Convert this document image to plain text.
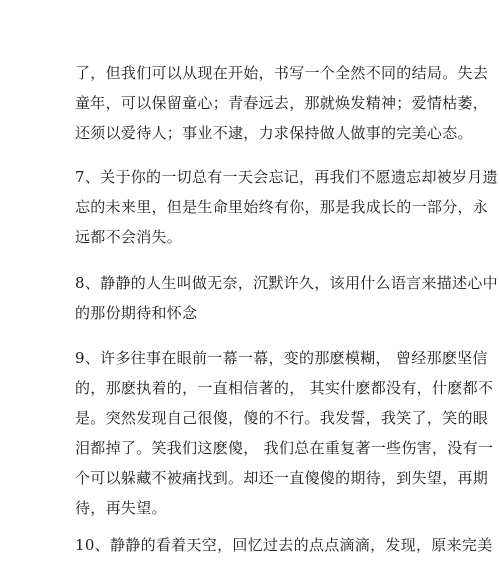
了，但我们可以从现在开始，书写一个全然不同的结局。失去
童年，可以保留童心；青春远去，那就焕发精神；爱情枯萎，
还须以爱待人；事业不逮，力求保持做人做事的完美心态。

7、关于你的一切总有一天会忘记，再我们不愿遗忘却被岁月遗
忘的未来里，但是生命里始终有你，那是我成长的一部分，永
远都不会消失。

8、静静的人生叫做无奈，沉默许久，该用什么语言来描述心中
的那份期待和怀念

9、许多往事在眼前一幕一幕，变的那麽模糊， 曾经那麽坚信
的，那麽执着的，一直相信著的， 其实什麽都没有，什麽都不
是。突然发现自己很傻，傻的不行。我发誓，我笑了，笑的眼
泪都掉了。笑我们这麽傻， 我们总在重复著一些伤害，没有一
个可以躲藏不被痛找到。却还一直傻傻的期待，到失望，再期
待，再失望。

10、静静的看着天空，回忆过去的点点滴滴，发现，原来完美
